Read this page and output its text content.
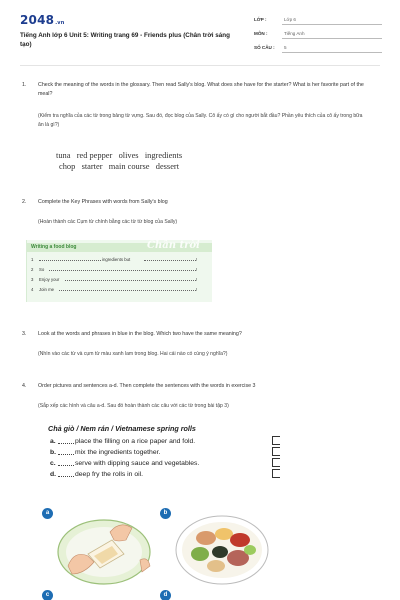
2048.vn
Tiếng Anh lớp 6 Unit 5: Writing trang 69 - Friends plus (Chân trời sáng tạo)
LỚP :	Lớp 6
MÔN :	Tiếng Anh
SỐ CÂU : 5
1. Check the meaning of the words in the glossary. Then read Sally's blog. What does she have for the starter? What is her favorite part of the meal?
(Kiểm tra nghĩa của các từ trong bảng từ vựng. Sau đó, đọc blog của Sally. Cô ấy có gì cho người bắt đầu? Phần yêu thích của cô ấy trong bữa ăn là gì?)
tuna red pepper olives ingredients
chop starter main course dessert
2. Complete the Key Phrases with words from Sally's blog
(Hoàn thành các Cụm từ chính bằng các từ từ blog của Sally)
Writing a food blog	Chân trời
1	ingredients but	!
2 So	!
3 Enjoy your	!
4 Join me	!
3. Look at the words and phrases in blue in the blog. Which two have the same meaning?
(Nhìn vào các từ và cụm từ màu xanh lam trong blog. Hai cái nào có cùng ý nghĩa?)
4. Order pictures and sentences a-d. Then complete the sentences with the words in exercise 3
(Sắp xếp các hình và câu a-d. Sau đó hoàn thành các câu với các từ trong bài tập 3)
Chả giò / Nem rán / Vietnamese spring rolls
a.	place the filling on a rice paper and fold.
b.	mix the ingredients together.
c.	serve with dipping sauce and vegetables.
d.	deep fry the rolls in oil.
a	b
c	d
